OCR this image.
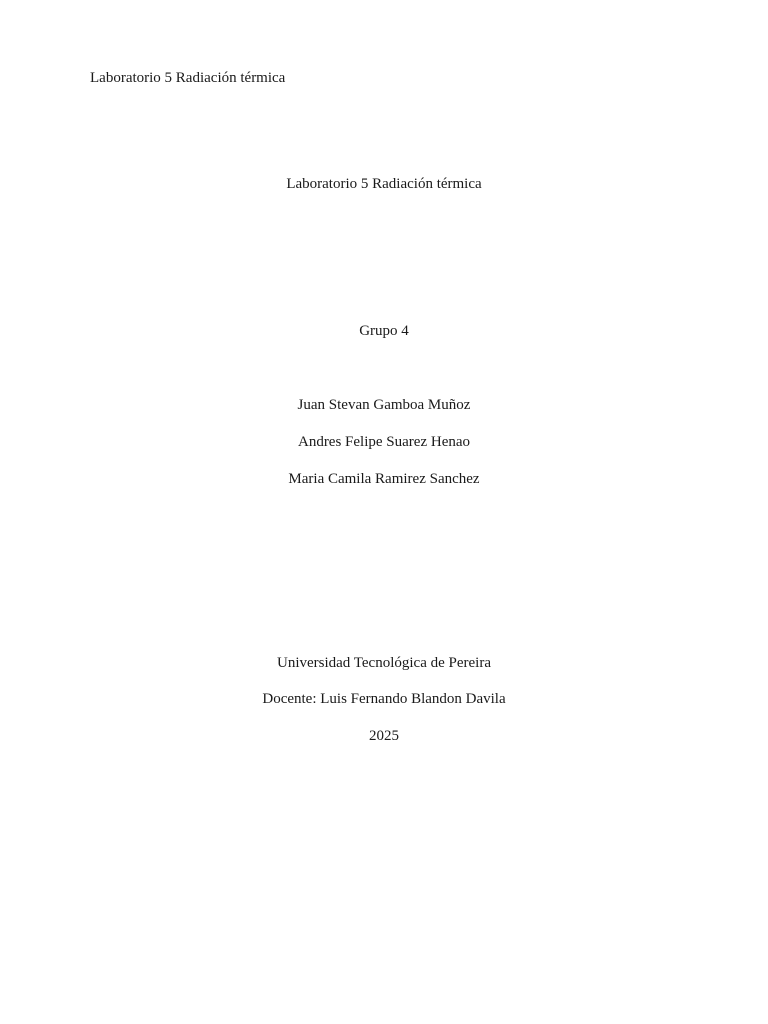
Laboratorio 5 Radiación térmica
Laboratorio 5 Radiación térmica
Grupo 4
Juan Stevan Gamboa Muñoz
Andres Felipe Suarez Henao
Maria Camila Ramirez Sanchez
Universidad Tecnológica de Pereira
Docente: Luis Fernando Blandon Davila
2025
